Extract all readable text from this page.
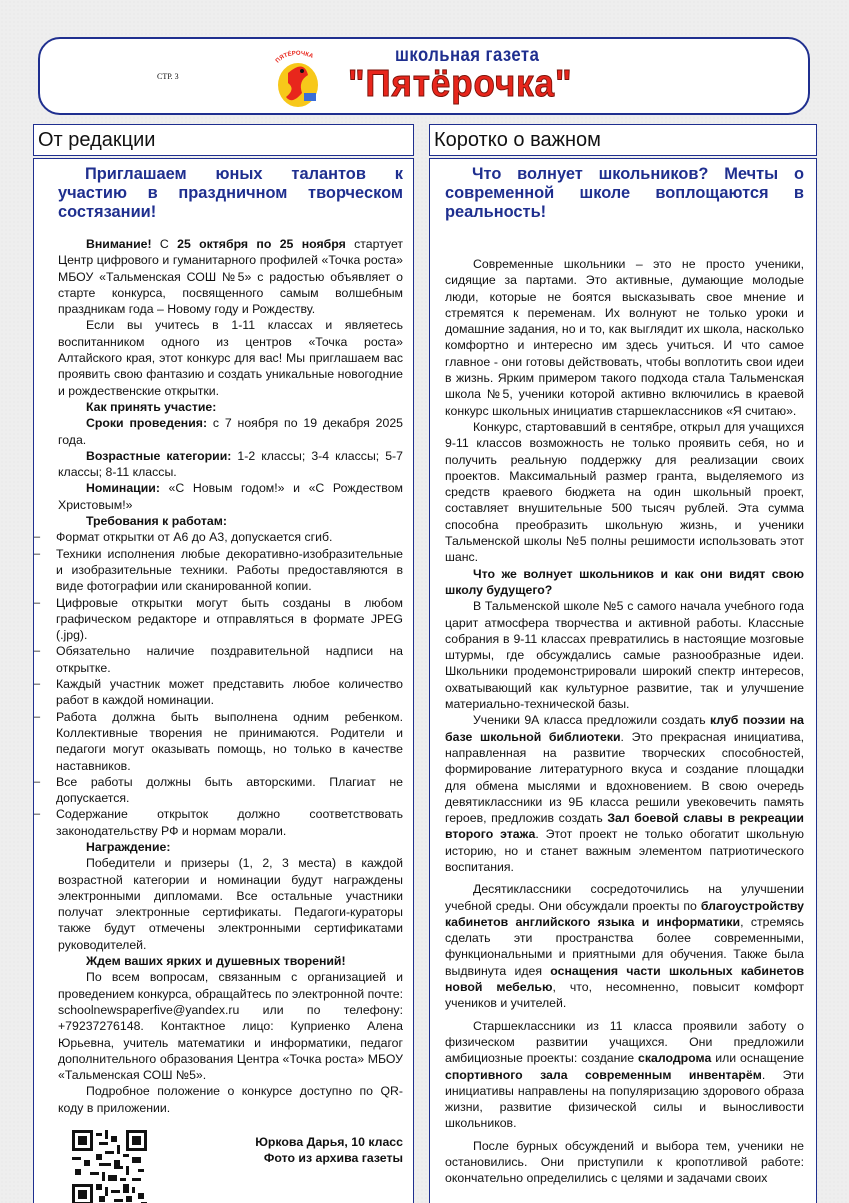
СТР. 3
ПЯТЁРОЧКА	школьная газета
"Пятёрочка"
От редакции	Коротко о важном
Приглашаем юных талантов к участию в праздничном творческом состязании!

Внимание! С 25 октября по 25 ноября стартует Центр цифрового и гуманитарного профилей «Точка роста» МБОУ «Тальменская СОШ №5» с радостью объявляет о старте конкурса, посвященного самым волшебным праздникам года – Новому году и Рождеству.

Если вы учитесь в 1-11 классах и являетесь воспитанником одного из центров «Точка роста» Алтайского края, этот конкурс для вас! Мы приглашаем вас проявить свою фантазию и создать уникальные новогодние и рождественские открытки.

Как принять участие:

Сроки проведения: с 7 ноября по 19 декабря 2025 года.

Возрастные категории: 1-2 классы; 3-4 классы; 5-7 классы; 8-11 классы.

Номинации: «С Новым годом!» и «С Рождеством Христовым!»

Требования к работам:

– Формат открытки от А6 до А3, допускается сгиб.
– Техники исполнения любые декоративно-изобразительные и изобразительные техники. Работы предоставляются в виде фотографии или сканированной копии.
– Цифровые открытки могут быть созданы в любом графическом редакторе и отправляться в формате JPEG (.jpg).
– Обязательно наличие поздравительной надписи на открытке.
– Каждый участник может представить любое количество работ в каждой номинации.
– Работа должна быть выполнена одним ребенком. Коллективные творения не принимаются. Родители и педагоги могут оказывать помощь, но только в качестве наставников.
– Все работы должны быть авторскими. Плагиат не допускается.
– Содержание открыток должно соответствовать законодательству РФ и нормам морали.

Награждение:

Победители и призеры (1, 2, 3 места) в каждой возрастной категории и номинации будут награждены электронными дипломами. Все остальные участники получат электронные сертификаты. Педагоги-кураторы также будут отмечены электронными сертификатами руководителей.

Ждем ваших ярких и душевных творений!

По всем вопросам, связанным с организацией и проведением конкурса, обращайтесь по электронной почте: schoolnewspaperfive@yandex.ru или по телефону: +79237276148. Контактное лицо: Куприенко Алена Юрьевна, учитель математики и информатики, педагог дополнительного образования Центра «Точка роста» МБОУ «Тальменская СОШ №5».

Подробное положение о конкурсе доступно по QR-коду в приложении.

Юркова Дарья, 10 класс
Фото из архива газеты
Что волнует школьников? Мечты о современной школе воплощаются в реальность!

Современные школьники – это не просто ученики, сидящие за партами. Это активные, думающие молодые люди, которые не боятся высказывать свое мнение и стремятся к переменам. Их волнуют не только уроки и домашние задания, но и то, как выглядит их школа, насколько комфортно и интересно им здесь учиться. И что самое главное - они готовы действовать, чтобы воплотить свои идеи в жизнь. Ярким примером такого подхода стала Тальменская школа №5, ученики которой активно включились в краевой конкурс школьных инициатив старшеклассников «Я считаю».

Конкурс, стартовавший в сентябре, открыл для учащихся 9-11 классов возможность не только проявить себя, но и получить реальную поддержку для реализации своих проектов. Максимальный размер гранта, выделяемого из средств краевого бюджета на один школьный проект, составляет внушительные 500 тысяч рублей. Эта сумма способна преобразить школьную жизнь, и ученики Тальменской школы №5 полны решимости использовать этот шанс.

Что же волнует школьников и как они видят свою школу будущего?

В Тальменской школе №5 с самого начала учебного года царит атмосфера творчества и активной работы. Классные собрания в 9-11 классах превратились в настоящие мозговые штурмы, где обсуждались самые разнообразные идеи. Школьники продемонстрировали широкий спектр интересов, охватывающий как культурное развитие, так и улучшение материально-технической базы.

Ученики 9А класса предложили создать клуб поэзии на базе школьной библиотеки. Это прекрасная инициатива, направленная на развитие творческих способностей, формирование литературного вкуса и создание площадки для обмена мыслями и вдохновением. В свою очередь девятиклассники из 9Б класса решили увековечить память героев, предложив создать Зал боевой славы в рекреации второго этажа. Этот проект не только обогатит школьную историю, но и станет важным элементом патриотического воспитания.

Десятиклассники сосредоточились на улучшении учебной среды. Они обсуждали проекты по благоустройству кабинетов английского языка и информатики, стремясь сделать эти пространства более современными, функциональными и приятными для обучения. Также была выдвинута идея оснащения части школьных кабинетов новой мебелью, что, несомненно, повысит комфорт учеников и учителей.

Старшеклассники из 11 класса проявили заботу о физическом развитии учащихся. Они предложили амбициозные проекты: создание скалодрома или оснащение спортивного зала современным инвентарём. Эти инициативы направлены на популяризацию здорового образа жизни, развитие физической силы и выносливости школьников.

После бурных обсуждений и выбора тем, ученики не остановились. Они приступили к кропотливой работе: окончательно определились с целями и задачами своих
